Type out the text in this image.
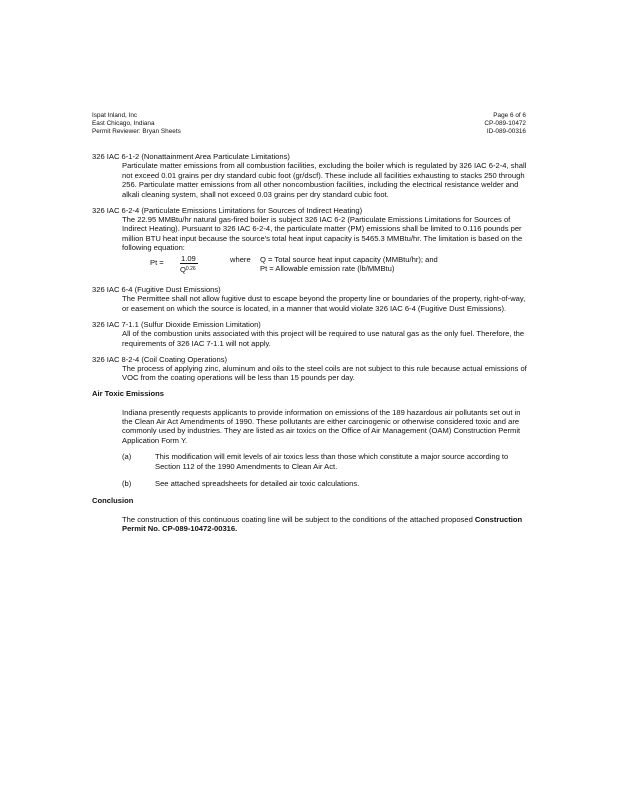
Ispat Inland, Inc
East Chicago, Indiana
Permit Reviewer: Bryan Sheets
Page 6 of 6
CP-089-10472
ID-089-00316
326 IAC 6-1-2 (Nonattainment Area Particulate Limitations)
Particulate matter emissions from all combustion facilities, excluding the boiler which is regulated by 326 IAC 6-2-4, shall not exceed 0.01 grains per dry standard cubic foot (gr/dscf). These include all facilities exhausting to stacks 250 through 256. Particulate matter emissions from all other noncombustion facilities, including the electrical resistance welder and alkali cleaning system, shall not exceed 0.03 grains per dry standard cubic foot.
326 IAC 6-2-4 (Particulate Emissions Limitations for Sources of Indirect Heating)
The 22.95 MMBtu/hr natural gas-fired boiler is subject 326 IAC 6-2 (Particulate Emissions Limitations for Sources of Indirect Heating). Pursuant to 326 IAC 6-2-4, the particulate matter (PM) emissions shall be limited to 0.116 pounds per million BTU heat input because the source's total heat input capacity is 5465.3 MMBtu/hr. The limitation is based on the following equation:
Pt = 1.09
$Q^{0.26}$
where Q = Total source heat input capacity (MMBtu/hr); and
Pt = Allowable emission rate (lb/MMBtu)
326 IAC 6-4 (Fugitive Dust Emissions)
The Permittee shall not allow fugitive dust to escape beyond the property line or boundaries of the property, right-of-way, or easement on which the source is located, in a manner that would violate 326 IAC 6-4 (Fugitive Dust Emissions).
326 IAC 7-1.1 (Sulfur Dioxide Emission Limitation)
All of the combustion units associated with this project will be required to use natural gas as the only fuel. Therefore, the requirements of 326 IAC 7-1.1 will not apply.
326 IAC 8-2-4 (Coil Coating Operations)
The process of applying zinc, aluminum and oils to the steel coils are not subject to this rule because actual emissions of VOC from the coating operations will be less than 15 pounds per day.
Air Toxic Emissions
Indiana presently requests applicants to provide information on emissions of the 189 hazardous air pollutants set out in the Clean Air Act Amendments of 1990. These pollutants are either carcinogenic or otherwise considered toxic and are commonly used by industries. They are listed as air toxics on the Office of Air Management (OAM) Construction Permit Application Form Y.
(a)	This modification will emit levels of air toxics less than those which constitute a major source according to Section 112 of the 1990 Amendments to Clean Air Act.
(b)	See attached spreadsheets for detailed air toxic calculations.
Conclusion
The construction of this continuous coating line will be subject to the conditions of the attached proposed Construction Permit No. CP-089-10472-00316.
